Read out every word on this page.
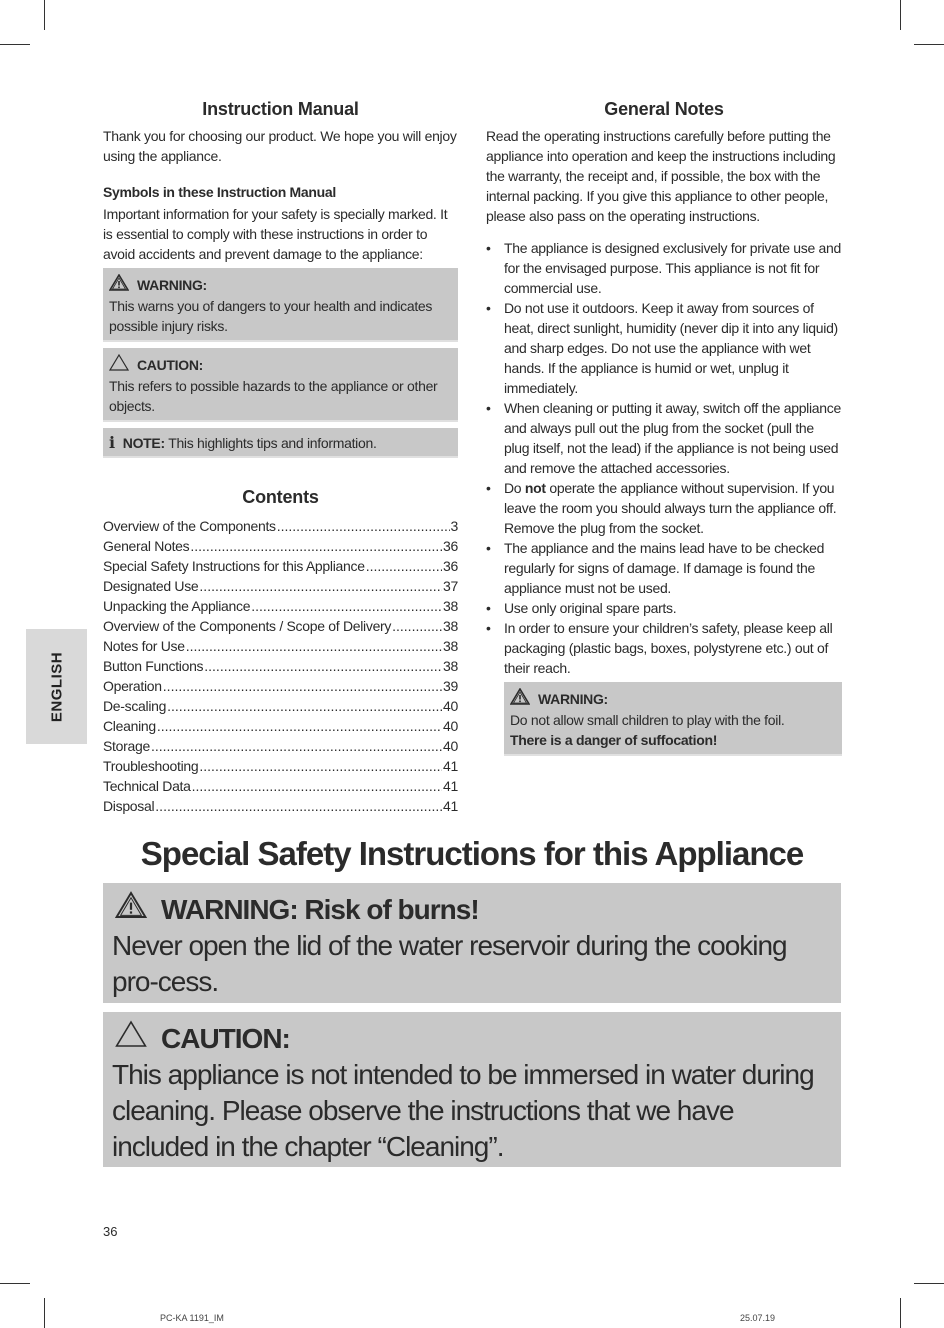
ENGLISH
Instruction Manual

Thank you for choosing our product. We hope you will enjoy using the appliance.

Symbols in these Instruction Manual

Important information for your safety is specially marked. It is essential to comply with these instructions in order to avoid accidents and prevent damage to the appliance:

WARNING:
This warns you of dangers to your health and indicates possible injury risks.
CAUTION:
This refers to possible hazards to the appliance or other objects.
i NOTE: This highlights tips and information.
Contents
Overview of the Components .....	3
General Notes .....	36
Special Safety Instructions for this Appliance .....	36
Designated Use .....	37
Unpacking the Appliance .....	38
Overview of the Components / Scope of Delivery .....	38
Notes for Use .....	38
Button Functions .....	38
Operation .....	39
De-scaling .....	40
Cleaning .....	40
Storage .....	40
Troubleshooting .....	41
Technical Data .....	41
Disposal .....	41
General Notes

Read the operating instructions carefully before putting the appliance into operation and keep the instructions including the warranty, the receipt and, if possible, the box with the internal packing. If you give this appliance to other people, please also pass on the operating instructions.

• The appliance is designed exclusively for private use and for the envisaged purpose. This appliance is not fit for commercial use.
• Do not use it outdoors. Keep it away from sources of heat, direct sunlight, humidity (never dip it into any liquid) and sharp edges. Do not use the appliance with wet hands. If the appliance is humid or wet, unplug it immediately.
• When cleaning or putting it away, switch off the appliance and always pull out the plug from the socket (pull the plug itself, not the lead) if the appliance is not being used and remove the attached accessories.
• Do not operate the appliance without supervision. If you leave the room you should always turn the appliance off. Remove the plug from the socket.
• The appliance and the mains lead have to be checked regularly for signs of damage. If damage is found the appliance must not be used.
• Use only original spare parts.
• In order to ensure your children’s safety, please keep all packaging (plastic bags, boxes, polystyrene etc.) out of their reach.
WARNING:
Do not allow small children to play with the foil.
There is a danger of suffocation!
Special Safety Instructions for this Appliance
WARNING: Risk of burns!
Never open the lid of the water reservoir during the cooking pro-cess.
CAUTION:
This appliance is not intended to be immersed in water during cleaning. Please observe the instructions that we have included in the chapter “Cleaning”.
36
PC-KA 1191_IM	25.07.19
